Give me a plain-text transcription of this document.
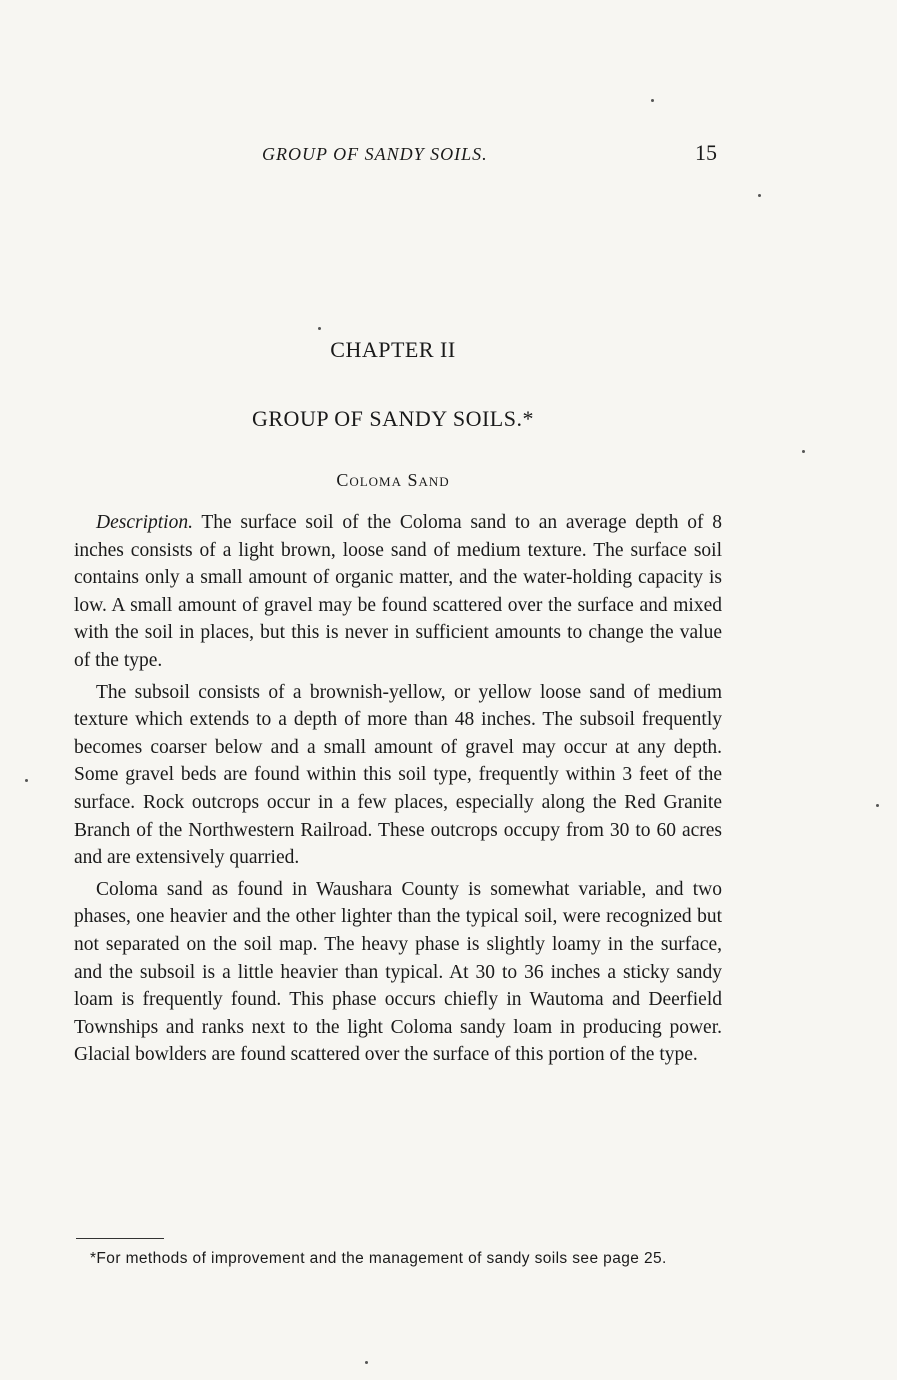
GROUP OF SANDY SOILS.	15
CHAPTER II
GROUP OF SANDY SOILS.*
Coloma Sand

Description. The surface soil of the Coloma sand to an average depth of 8 inches consists of a light brown, loose sand of medium texture. The surface soil contains only a small amount of organic matter, and the water-holding capacity is low. A small amount of gravel may be found scattered over the surface and mixed with the soil in places, but this is never in sufficient amounts to change the value of the type.

The subsoil consists of a brownish-yellow, or yellow loose sand of medium texture which extends to a depth of more than 48 inches. The subsoil frequently becomes coarser below and a small amount of gravel may occur at any depth. Some gravel beds are found within this soil type, frequently within 3 feet of the surface. Rock outcrops occur in a few places, especially along the Red Granite Branch of the Northwestern Railroad. These outcrops occupy from 30 to 60 acres and are extensively quarried.

Coloma sand as found in Waushara County is somewhat variable, and two phases, one heavier and the other lighter than the typical soil, were recognized but not separated on the soil map. The heavy phase is slightly loamy in the surface, and the subsoil is a little heavier than typical. At 30 to 36 inches a sticky sandy loam is frequently found. This phase occurs chiefly in Wautoma and Deerfield Townships and ranks next to the light Coloma sandy loam in producing power. Glacial bowlders are found scattered over the surface of this portion of the type.

*For methods of improvement and the management of sandy soils see page 25.
